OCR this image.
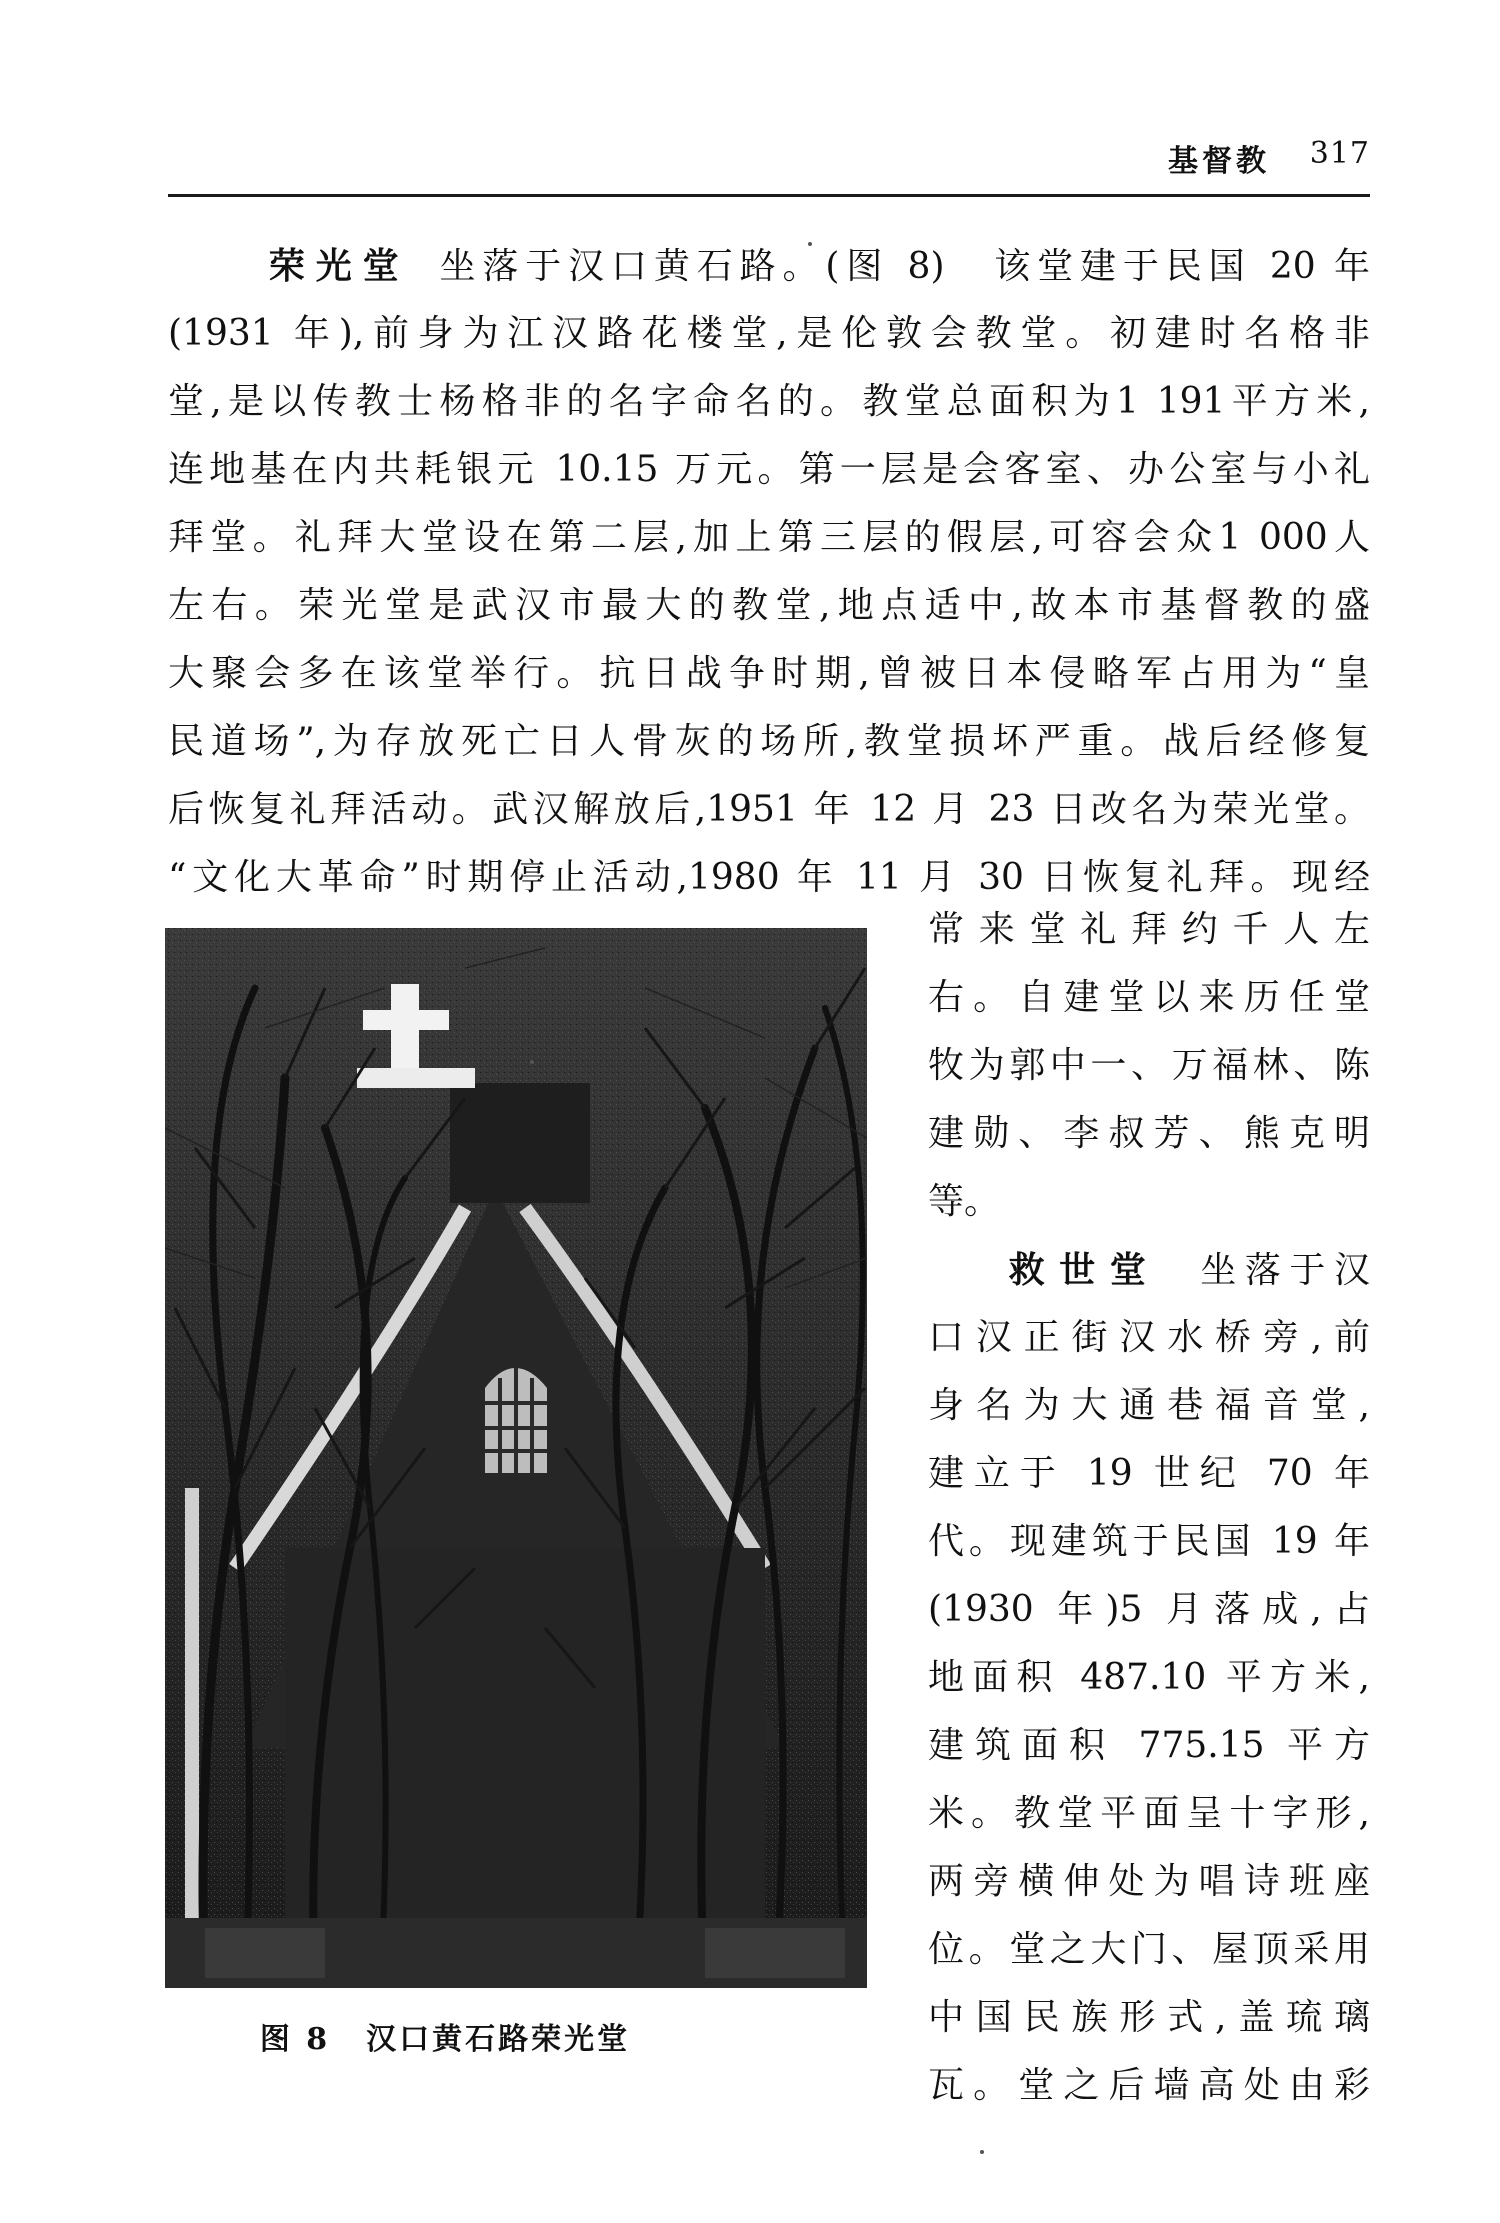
基督教 317
荣光堂 坐落于汉口黄石路。(图 8)　该堂建于民国 20 年
(1931 年),前身为江汉路花楼堂,是伦敦会教堂。初建时名格非
堂,是以传教士杨格非的名字命名的。教堂总面积为1 191平方米,
连地基在内共耗银元 10.15 万元。第一层是会客室、办公室与小礼
拜堂。礼拜大堂设在第二层,加上第三层的假层,可容会众1 000人
左右。荣光堂是武汉市最大的教堂,地点适中,故本市基督教的盛
大聚会多在该堂举行。抗日战争时期,曾被日本侵略军占用为“皇
民道场”,为存放死亡日人骨灰的场所,教堂损坏严重。战后经修复
后恢复礼拜活动。武汉解放后,1951 年 12 月 23 日改名为荣光堂。
“文化大革命”时期停止活动,1980 年 11 月 30 日恢复礼拜。现经
图 8 汉口黄石路荣光堂
常来堂礼拜约千人左
右。自建堂以来历任堂
牧为郭中一、万福林、陈
建勋、李叔芳、熊克明
等。
救世堂 坐落于汉
口汉正街汉水桥旁,前
身名为大通巷福音堂,
建立于 19 世纪 70 年
代。现建筑于民国 19 年
(1930 年)5 月落成,占
地面积 487.10 平方米,
建筑面积 775.15 平方
米。教堂平面呈十字形,
两旁横伸处为唱诗班座
位。堂之大门、屋顶采用
中国民族形式,盖琉璃
瓦。堂之后墙高处由彩
